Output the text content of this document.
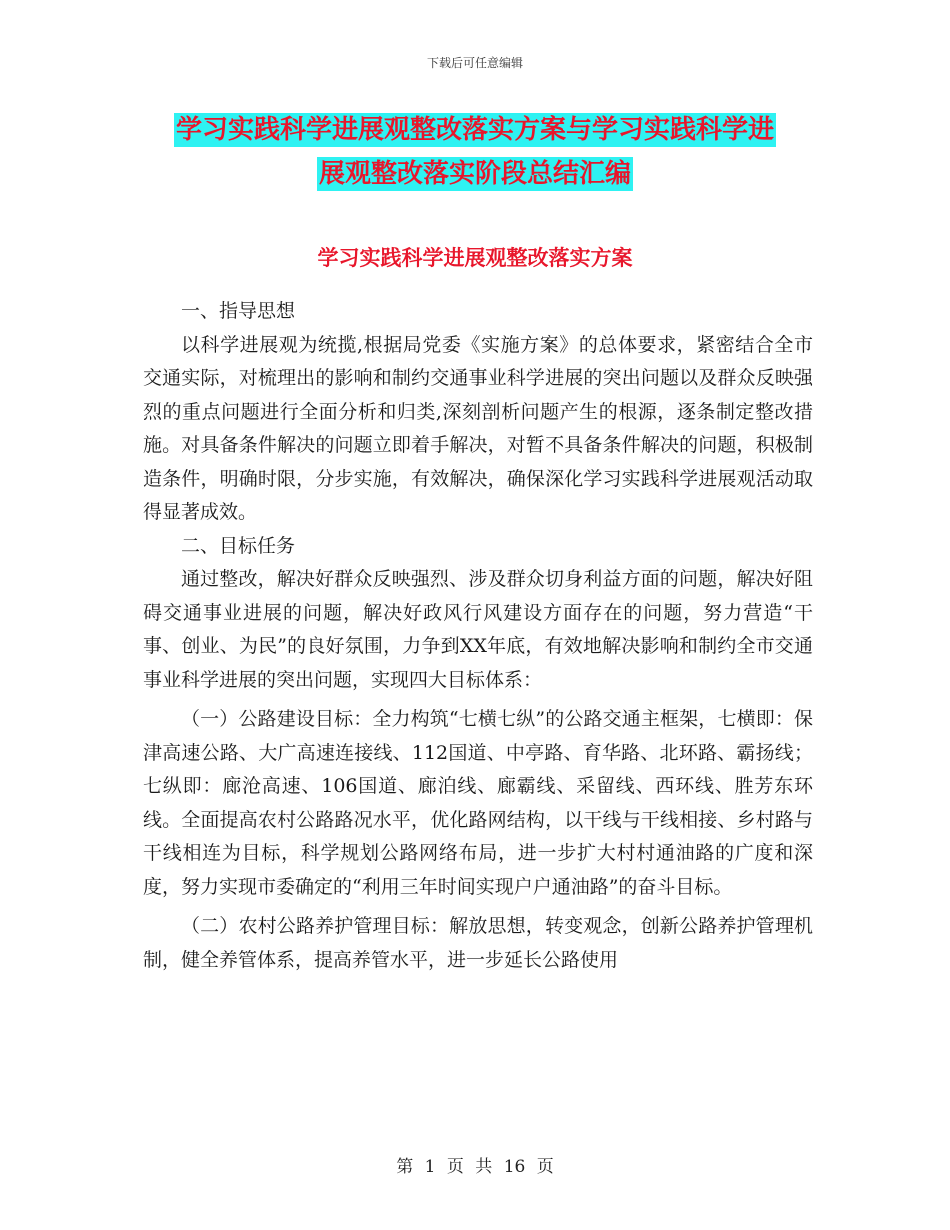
下载后可任意编辑
学习实践科学进展观整改落实方案与学习实践科学进
展观整改落实阶段总结汇编
学习实践科学进展观整改落实方案

一、指导思想

以科学进展观为统揽,根据局党委《实施方案》的总体要求，紧密结合全市交通实际，对梳理出的影响和制约交通事业科学进展的突出问题以及群众反映强烈的重点问题进行全面分析和归类,深刻剖析问题产生的根源，逐条制定整改措施。对具备条件解决的问题立即着手解决，对暂不具备条件解决的问题，积极制造条件，明确时限，分步实施，有效解决，确保深化学习实践科学进展观活动取得显著成效。

二、目标任务

通过整改，解决好群众反映强烈、涉及群众切身利益方面的问题，解决好阻碍交通事业进展的问题，解决好政风行风建设方面存在的问题，努力营造“干事、创业、为民”的良好氛围，力争到XX年底，有效地解决影响和制约全市交通事业科学进展的突出问题，实现四大目标体系：

（一）公路建设目标：全力构筑“七横七纵”的公路交通主框架，七横即：保津高速公路、大广高速连接线、112国道、中亭路、育华路、北环路、霸扬线；七纵即：廊沧高速、106国道、廊泊线、廊霸线、采留线、西环线、胜芳东环线。全面提高农村公路路况水平，优化路网结构，以干线与干线相接、乡村路与干线相连为目标，科学规划公路网络布局，进一步扩大村村通油路的广度和深度，努力实现市委确定的“利用三年时间实现户户通油路”的奋斗目标。

（二）农村公路养护管理目标：解放思想，转变观念，创新公路养护管理机制，健全养管体系，提高养管水平，进一步延长公路使用

第 1 页 共 16 页
